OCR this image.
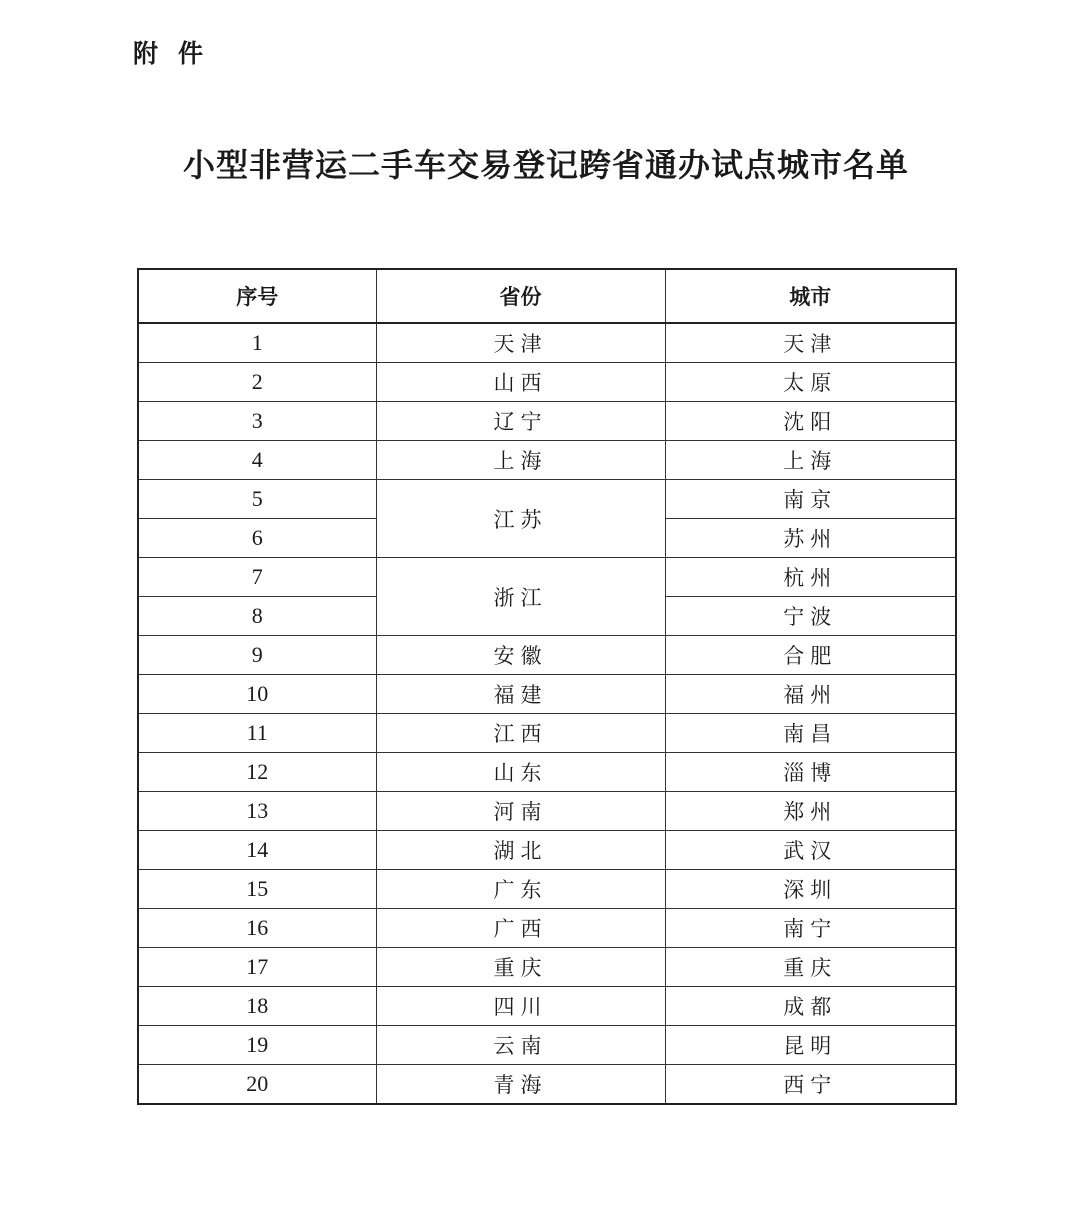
附件

小型非营运二手车交易登记跨省通办试点城市名单
序号	省份	城市
1	天津	天津
2	山西	太原
3	辽宁	沈阳
4	上海	上海
5	江苏	南京
6		苏州
7	浙江	杭州
8		宁波
9	安徽	合肥
10	福建	福州
11	江西	南昌
12	山东	淄博
13	河南	郑州
14	湖北	武汉
15	广东	深圳
16	广西	南宁
17	重庆	重庆
18	四川	成都
19	云南	昆明
20	青海	西宁
